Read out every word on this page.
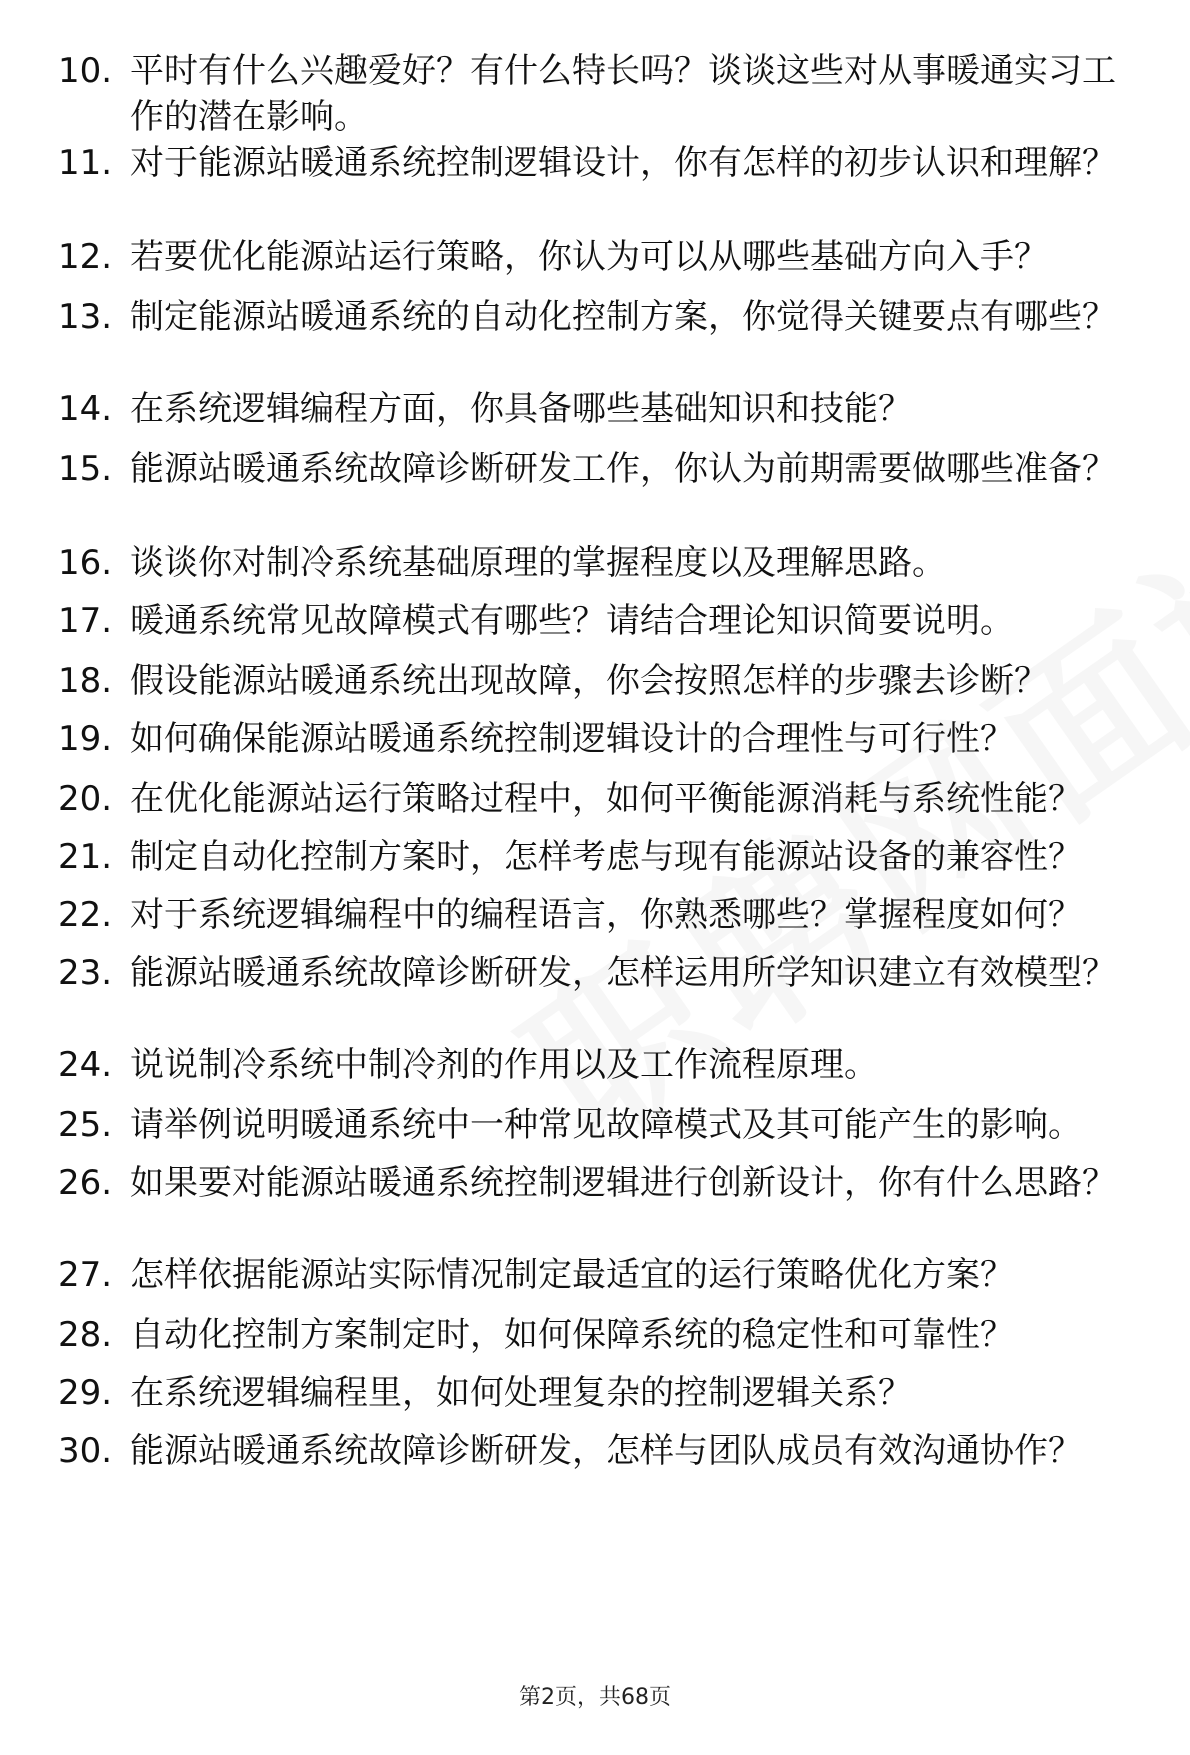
10. 平时有什么兴趣爱好？有什么特长吗？谈谈这些对从事暖通实习工作的潜在影响。
11. 对于能源站暖通系统控制逻辑设计，你有怎样的初步认识和理解？
12. 若要优化能源站运行策略，你认为可以从哪些基础方向入手？
13. 制定能源站暖通系统的自动化控制方案，你觉得关键要点有哪些？
14. 在系统逻辑编程方面，你具备哪些基础知识和技能？
15. 能源站暖通系统故障诊断研发工作，你认为前期需要做哪些准备？
16. 谈谈你对制冷系统基础原理的掌握程度以及理解思路。
17. 暖通系统常见故障模式有哪些？请结合理论知识简要说明。
18. 假设能源站暖通系统出现故障，你会按照怎样的步骤去诊断？
19. 如何确保能源站暖通系统控制逻辑设计的合理性与可行性？
20. 在优化能源站运行策略过程中，如何平衡能源消耗与系统性能？
21. 制定自动化控制方案时，怎样考虑与现有能源站设备的兼容性？
22. 对于系统逻辑编程中的编程语言，你熟悉哪些？掌握程度如何？
23. 能源站暖通系统故障诊断研发，怎样运用所学知识建立有效模型？
24. 说说制冷系统中制冷剂的作用以及工作流程原理。
25. 请举例说明暖通系统中一种常见故障模式及其可能产生的影响。
26. 如果要对能源站暖通系统控制逻辑进行创新设计，你有什么思路？
27. 怎样依据能源站实际情况制定最适宜的运行策略优化方案？
28. 自动化控制方案制定时，如何保障系统的稳定性和可靠性？
29. 在系统逻辑编程里，如何处理复杂的控制逻辑关系？
30. 能源站暖通系统故障诊断研发，怎样与团队成员有效沟通协作？
第2页，共68页
